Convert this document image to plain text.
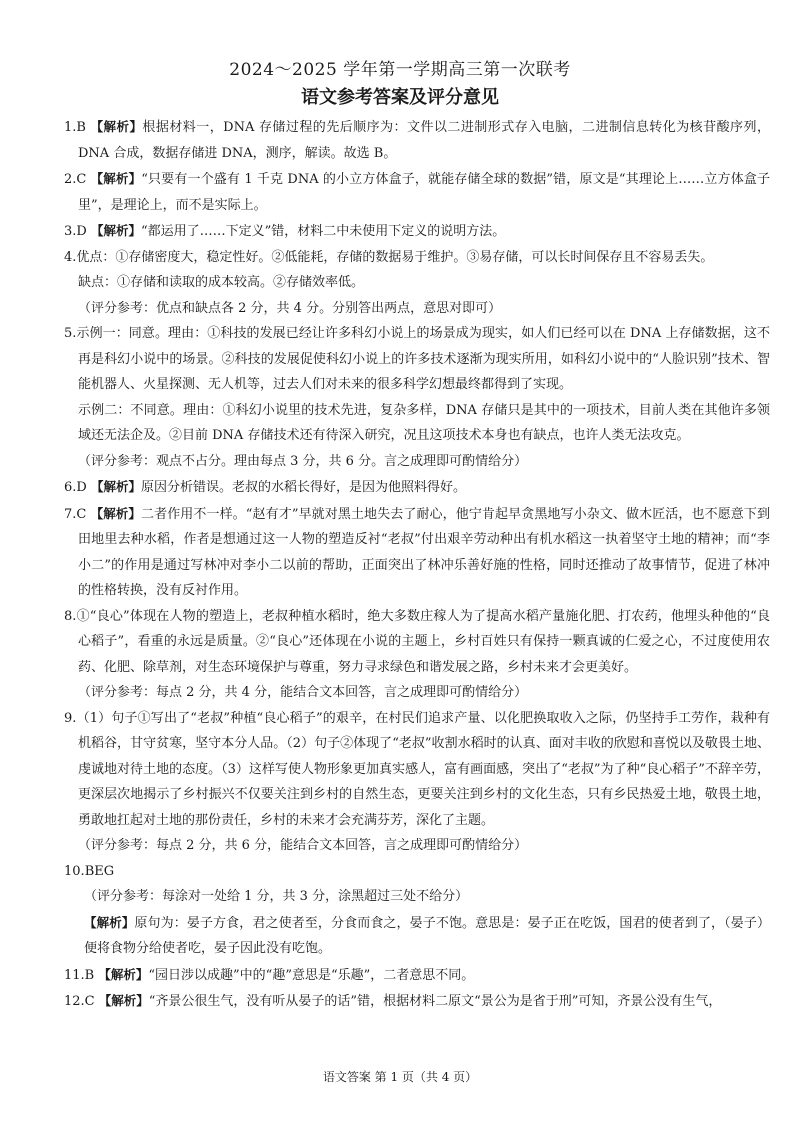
2024～2025 学年第一学期高三第一次联考
语文参考答案及评分意见

1.B 【解析】根据材料一，DNA 存储过程的先后顺序为：文件以二进制形式存入电脑，二进制信息转化为核苷酸序列，DNA 合成，数据存储进 DNA，测序，解读。故选 B。

2.C 【解析】“只要有一个盛有 1 千克 DNA 的小立方体盒子，就能存储全球的数据”错，原文是“其理论上……立方体盒子里”，是理论上，而不是实际上。

3.D 【解析】“都运用了……下定义”错，材料二中未使用下定义的说明方法。

4.优点：①存储密度大，稳定性好。②低能耗，存储的数据易于维护。③易存储，可以长时间保存且不容易丢失。

缺点：①存储和读取的成本较高。②存储效率低。

（评分参考：优点和缺点各 2 分，共 4 分。分别答出两点，意思对即可）

5.示例一：同意。理由：①科技的发展已经让许多科幻小说上的场景成为现实，如人们已经可以在 DNA 上存储数据，这不再是科幻小说中的场景。②科技的发展促使科幻小说上的许多技术逐渐为现实所用，如科幻小说中的“人脸识别”技术、智能机器人、火星探测、无人机等，过去人们对未来的很多科学幻想最终都得到了实现。

示例二：不同意。理由：①科幻小说里的技术先进，复杂多样，DNA 存储只是其中的一项技术，目前人类在其他许多领域还无法企及。②目前 DNA 存储技术还有待深入研究，况且这项技术本身也有缺点，也许人类无法攻克。

（评分参考：观点不占分。理由每点 3 分，共 6 分。言之成理即可酌情给分）

6.D 【解析】原因分析错误。老叔的水稻长得好，是因为他照料得好。

7.C 【解析】二者作用不一样。“赵有才”早就对黑土地失去了耐心，他宁肯起早贪黑地写小杂文、做木匠活，也不愿意下到田地里去种水稻，作者是想通过这一人物的塑造反衬“老叔”付出艰辛劳动种出有机水稻这一执着坚守土地的精神；而“李小二”的作用是通过写林冲对李小二以前的帮助，正面突出了林冲乐善好施的性格，同时还推动了故事情节，促进了林冲的性格转换，没有反衬作用。

8.①“良心”体现在人物的塑造上，老叔种植水稻时，绝大多数庄稼人为了提高水稻产量施化肥、打农药，他埋头种他的“良心稻子”，看重的永远是质量。②“良心”还体现在小说的主题上，乡村百姓只有保持一颗真诚的仁爱之心，不过度使用农药、化肥、除草剂，对生态环境保护与尊重，努力寻求绿色和谐发展之路，乡村未来才会更美好。

（评分参考：每点 2 分，共 4 分，能结合文本回答，言之成理即可酌情给分）

9.（1）句子①写出了“老叔”种植“良心稻子”的艰辛，在村民们追求产量、以化肥换取收入之际，仍坚持手工劳作，栽种有机稻谷，甘守贫寒，坚守本分人品。（2）句子②体现了“老叔”收割水稻时的认真、面对丰收的欣慰和喜悦以及敬畏土地、虔诚地对待土地的态度。（3）这样写使人物形象更加真实感人，富有画面感，突出了“老叔”为了种“良心稻子”不辞辛劳，更深层次地揭示了乡村振兴不仅要关注到乡村的自然生态，更要关注到乡村的文化生态，只有乡民热爱土地，敬畏土地，勇敢地扛起对土地的那份责任，乡村的未来才会充满芬芳，深化了主题。

（评分参考：每点 2 分，共 6 分，能结合文本回答，言之成理即可酌情给分）

10.BEG

（评分参考：每涂对一处给 1 分，共 3 分，涂黑超过三处不给分）

【解析】原句为：晏子方食，君之使者至，分食而食之，晏子不饱。意思是：晏子正在吃饭，国君的使者到了，（晏子）便将食物分给使者吃，晏子因此没有吃饱。

11.B 【解析】“园日涉以成趣”中的“趣”意思是“乐趣”，二者意思不同。

12.C 【解析】“齐景公很生气，没有听从晏子的话”错，根据材料二原文“景公为是省于刑”可知，齐景公没有生气，

语文答案 第 1 页（共 4 页）
